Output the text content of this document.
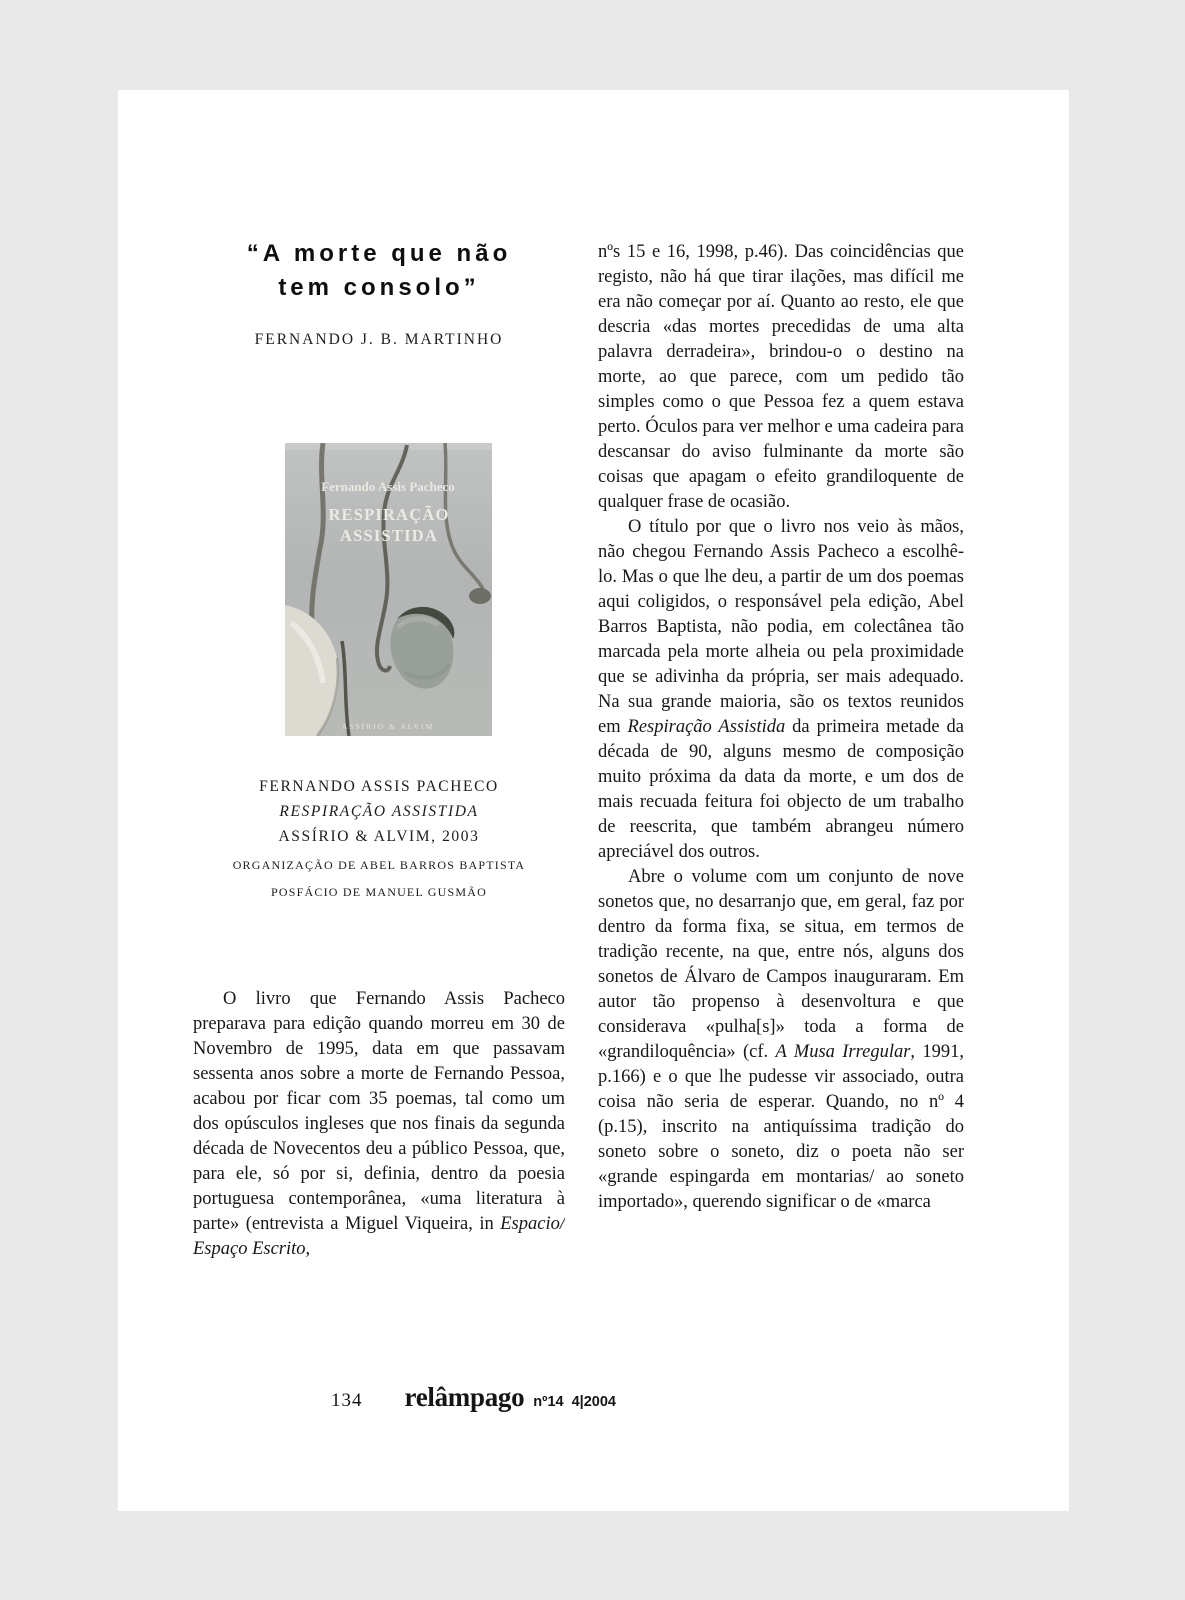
“A morte que não
tem consolo”
FERNANDO J. B. MARTINHO
Fernando Assis Pacheco
RESPIRAÇÃO
ASSISTIDA
ASSÍRIO & ALVIM
FERNANDO ASSIS PACHECO
RESPIRAÇÃO ASSISTIDA
ASSÍRIO & ALVIM, 2003
ORGANIZAÇÃO DE ABEL BARROS BAPTISTA
POSFÁCIO DE MANUEL GUSMÃO
O livro que Fernando Assis Pacheco preparava para edição quando morreu em 30 de Novembro de 1995, data em que passavam sessenta anos sobre a morte de Fernando Pessoa, acabou por ficar com 35 poemas, tal como um dos opúsculos ingleses que nos finais da segunda década de Novecentos deu a público Pessoa, que, para ele, só por si, definia, dentro da poesia portuguesa contemporânea, «uma literatura à parte» (entrevista a Miguel Viqueira, in Espacio/ Espaço Escrito,
nºs 15 e 16, 1998, p.46). Das coincidências que registo, não há que tirar ilações, mas difícil me era não começar por aí. Quanto ao resto, ele que descria «das mortes precedidas de uma alta palavra derradeira», brindou-o o destino na morte, ao que parece, com um pedido tão simples como o que Pessoa fez a quem estava perto. Óculos para ver melhor e uma cadeira para descansar do aviso fulminante da morte são coisas que apagam o efeito grandiloquente de qualquer frase de ocasião.
O título por que o livro nos veio às mãos, não chegou Fernando Assis Pacheco a escolhê-lo. Mas o que lhe deu, a partir de um dos poemas aqui coligidos, o responsável pela edição, Abel Barros Baptista, não podia, em colectânea tão marcada pela morte alheia ou pela proximidade que se adivinha da própria, ser mais adequado. Na sua grande maioria, são os textos reunidos em Respiração Assistida da primeira metade da década de 90, alguns mesmo de composição muito próxima da data da morte, e um dos de mais recuada feitura foi objecto de um trabalho de reescrita, que também abrangeu número apreciável dos outros.
Abre o volume com um conjunto de nove sonetos que, no desarranjo que, em geral, faz por dentro da forma fixa, se situa, em termos de tradição recente, na que, entre nós, alguns dos sonetos de Álvaro de Campos inauguraram. Em autor tão propenso à desenvoltura e que considerava «pulha[s]» toda a forma de «grandiloquência» (cf. A Musa Irregular, 1991, p.166) e o que lhe pudesse vir associado, outra coisa não seria de esperar. Quando, no nº 4 (p.15), inscrito na antiquíssima tradição do soneto sobre o soneto, diz o poeta não ser «grande espingarda em montarias/ ao soneto importado», querendo significar o de «marca
134 relâmpago nº14 4|2004
